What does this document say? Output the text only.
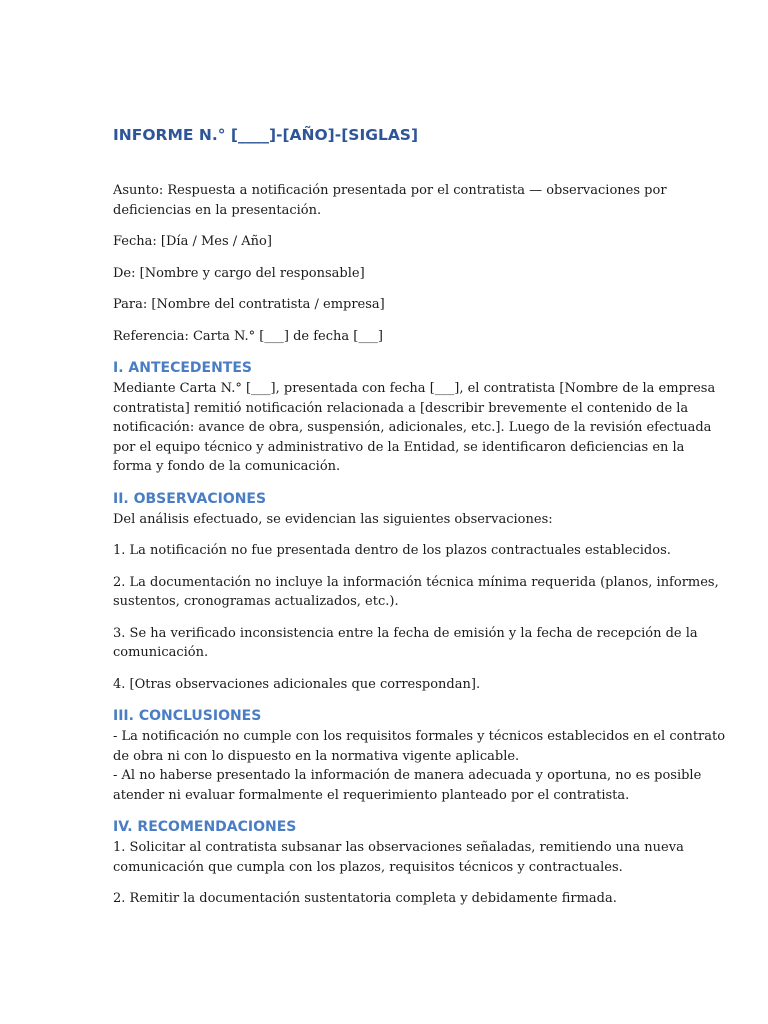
INFORME N.° [____]-[AÑO]-[SIGLAS]

Asunto: Respuesta a notificación presentada por el contratista — observaciones por
deficiencias en la presentación.

Fecha: [Día / Mes / Año]

De: [Nombre y cargo del responsable]

Para: [Nombre del contratista / empresa]

Referencia: Carta N.° [___] de fecha [___]

I. ANTECEDENTES

Mediante Carta N.° [___], presentada con fecha [___], el contratista [Nombre de la empresa
contratista] remitió notificación relacionada a [describir brevemente el contenido de la
notificación: avance de obra, suspensión, adicionales, etc.]. Luego de la revisión efectuada
por el equipo técnico y administrativo de la Entidad, se identificaron deficiencias en la
forma y fondo de la comunicación.

II. OBSERVACIONES

Del análisis efectuado, se evidencian las siguientes observaciones:

1. La notificación no fue presentada dentro de los plazos contractuales establecidos.

2. La documentación no incluye la información técnica mínima requerida (planos, informes,
sustentos, cronogramas actualizados, etc.).

3. Se ha verificado inconsistencia entre la fecha de emisión y la fecha de recepción de la
comunicación.

4. [Otras observaciones adicionales que correspondan].

III. CONCLUSIONES

- La notificación no cumple con los requisitos formales y técnicos establecidos en el contrato
de obra ni con lo dispuesto en la normativa vigente aplicable.
- Al no haberse presentado la información de manera adecuada y oportuna, no es posible
atender ni evaluar formalmente el requerimiento planteado por el contratista.

IV. RECOMENDACIONES

1. Solicitar al contratista subsanar las observaciones señaladas, remitiendo una nueva
comunicación que cumpla con los plazos, requisitos técnicos y contractuales.

2. Remitir la documentación sustentatoria completa y debidamente firmada.
